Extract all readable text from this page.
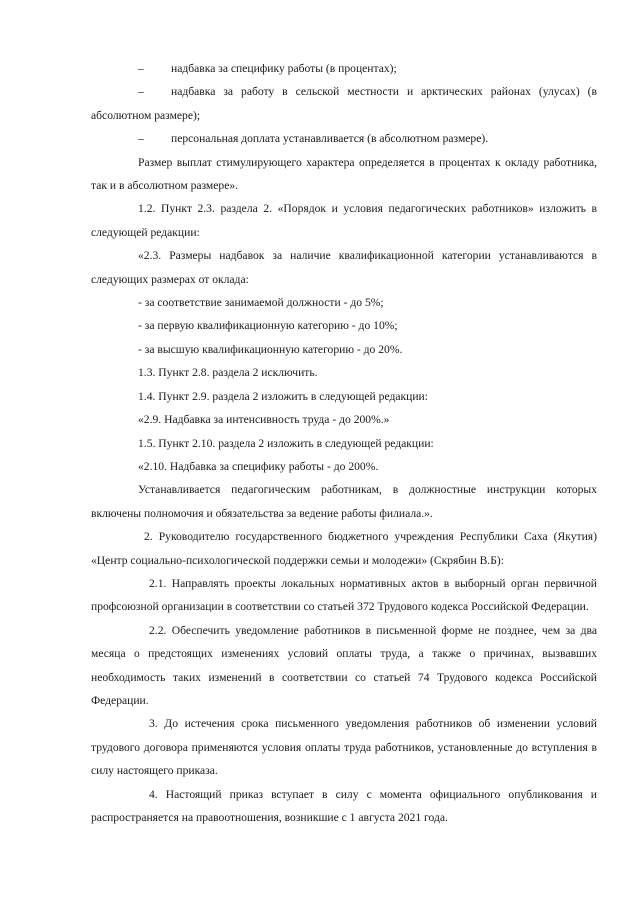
– надбавка за специфику работы (в процентах);

– надбавка за работу в сельской местности и арктических районах (улусах) (в абсолютном размере);

– персональная доплата устанавливается (в абсолютном размере).

Размер выплат стимулирующего характера определяется в процентах к окладу работника, так и в абсолютном размере».

1.2. Пункт 2.3. раздела 2. «Порядок и условия педагогических работников» изложить в следующей редакции:

«2.3. Размеры надбавок за наличие квалификационной категории устанавливаются в следующих размерах от оклада:

- за соответствие занимаемой должности - до 5%;

- за первую квалификационную категорию - до 10%;

- за высшую квалификационную категорию - до 20%.

1.3. Пункт 2.8. раздела 2 исключить.

1.4. Пункт 2.9. раздела 2 изложить в следующей редакции:

«2.9. Надбавка за интенсивность труда - до 200%.»

1.5. Пункт 2.10. раздела 2 изложить в следующей редакции:

«2.10. Надбавка за специфику работы - до 200%.

Устанавливается педагогическим работникам, в должностные инструкции которых включены полномочия и обязательства за ведение работы филиала.».

2. Руководителю государственного бюджетного учреждения Республики Саха (Якутия) «Центр социально-психологической поддержки семьи и молодежи» (Скрябин В.Б):

2.1. Направлять проекты локальных нормативных актов в выборный орган первичной профсоюзной организации в соответствии со статьей 372 Трудового кодекса Российской Федерации.

2.2. Обеспечить уведомление работников в письменной форме не позднее, чем за два месяца о предстоящих изменениях условий оплаты труда, а также о причинах, вызвавших необходимость таких изменений в соответствии со статьей 74 Трудового кодекса Российской Федерации.

3. До истечения срока письменного уведомления работников об изменении условий трудового договора применяются условия оплаты труда работников, установленные до вступления в силу настоящего приказа.

4. Настоящий приказ вступает в силу с момента официального опубликования и распространяется на правоотношения, возникшие с 1 августа 2021 года.
